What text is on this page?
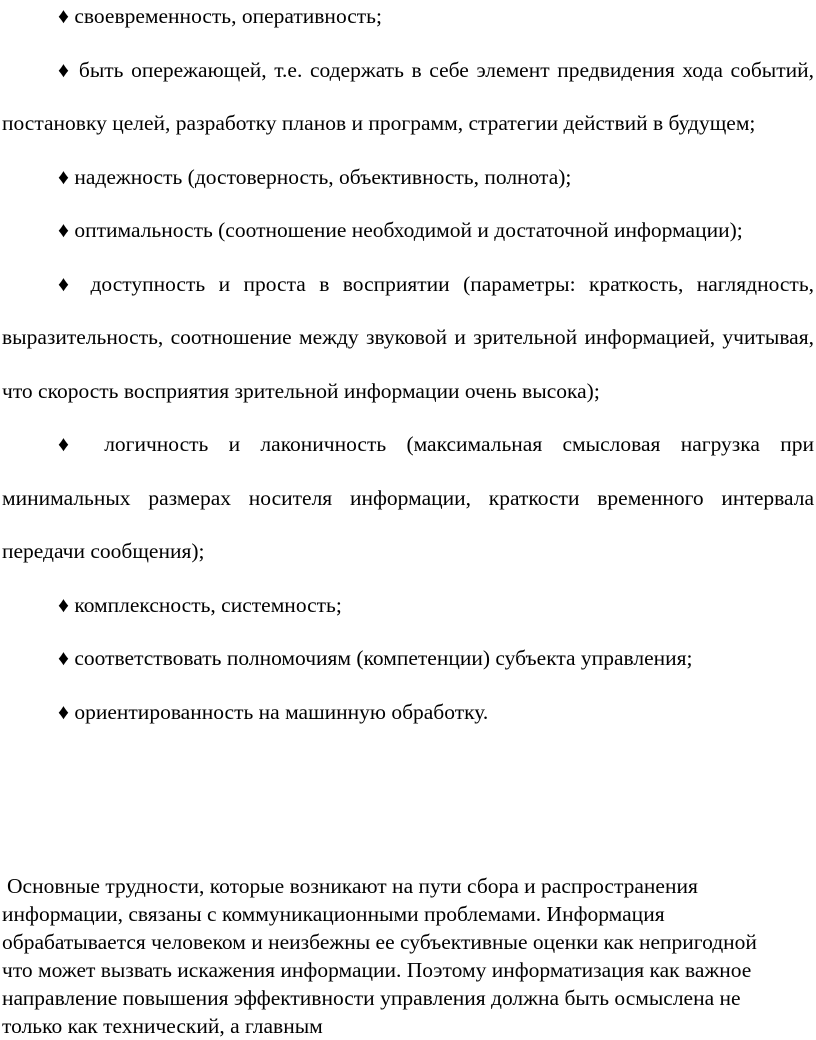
♦ своевременность, оперативность;

♦ быть опережающей, т.е. содержать в себе элемент предвидения хода событий, постановку целей, разработку планов и программ, стратегии действий в будущем;

♦ надежность (достоверность, объективность, полнота);

♦ оптимальность (соотношение необходимой и достаточной информации);

♦ доступность и проста в восприятии (параметры: краткость, наглядность, выразительность, соотношение между звуковой и зрительной информацией, учитывая, что скорость восприятия зрительной информации очень высока);

♦ логичность и лаконичность (максимальная смысловая нагрузка при минимальных размерах носителя информации, краткости временного интервала передачи сообщения);

♦ комплексность, системность;

♦ соответствовать полномочиям (компетенции) субъекта управления;

♦ ориентированность на машинную обработку.

Основные трудности, которые возникают на пути сбора и распространения информации, связаны с коммуникационными проблемами. Информация обрабатывается человеком и неизбежны ее субъективные оценки как непригодной что может вызвать искажения информации. Поэтому информатизация как важное направление повышения эффективности управления должна быть осмыслена не только как технический, а главным
